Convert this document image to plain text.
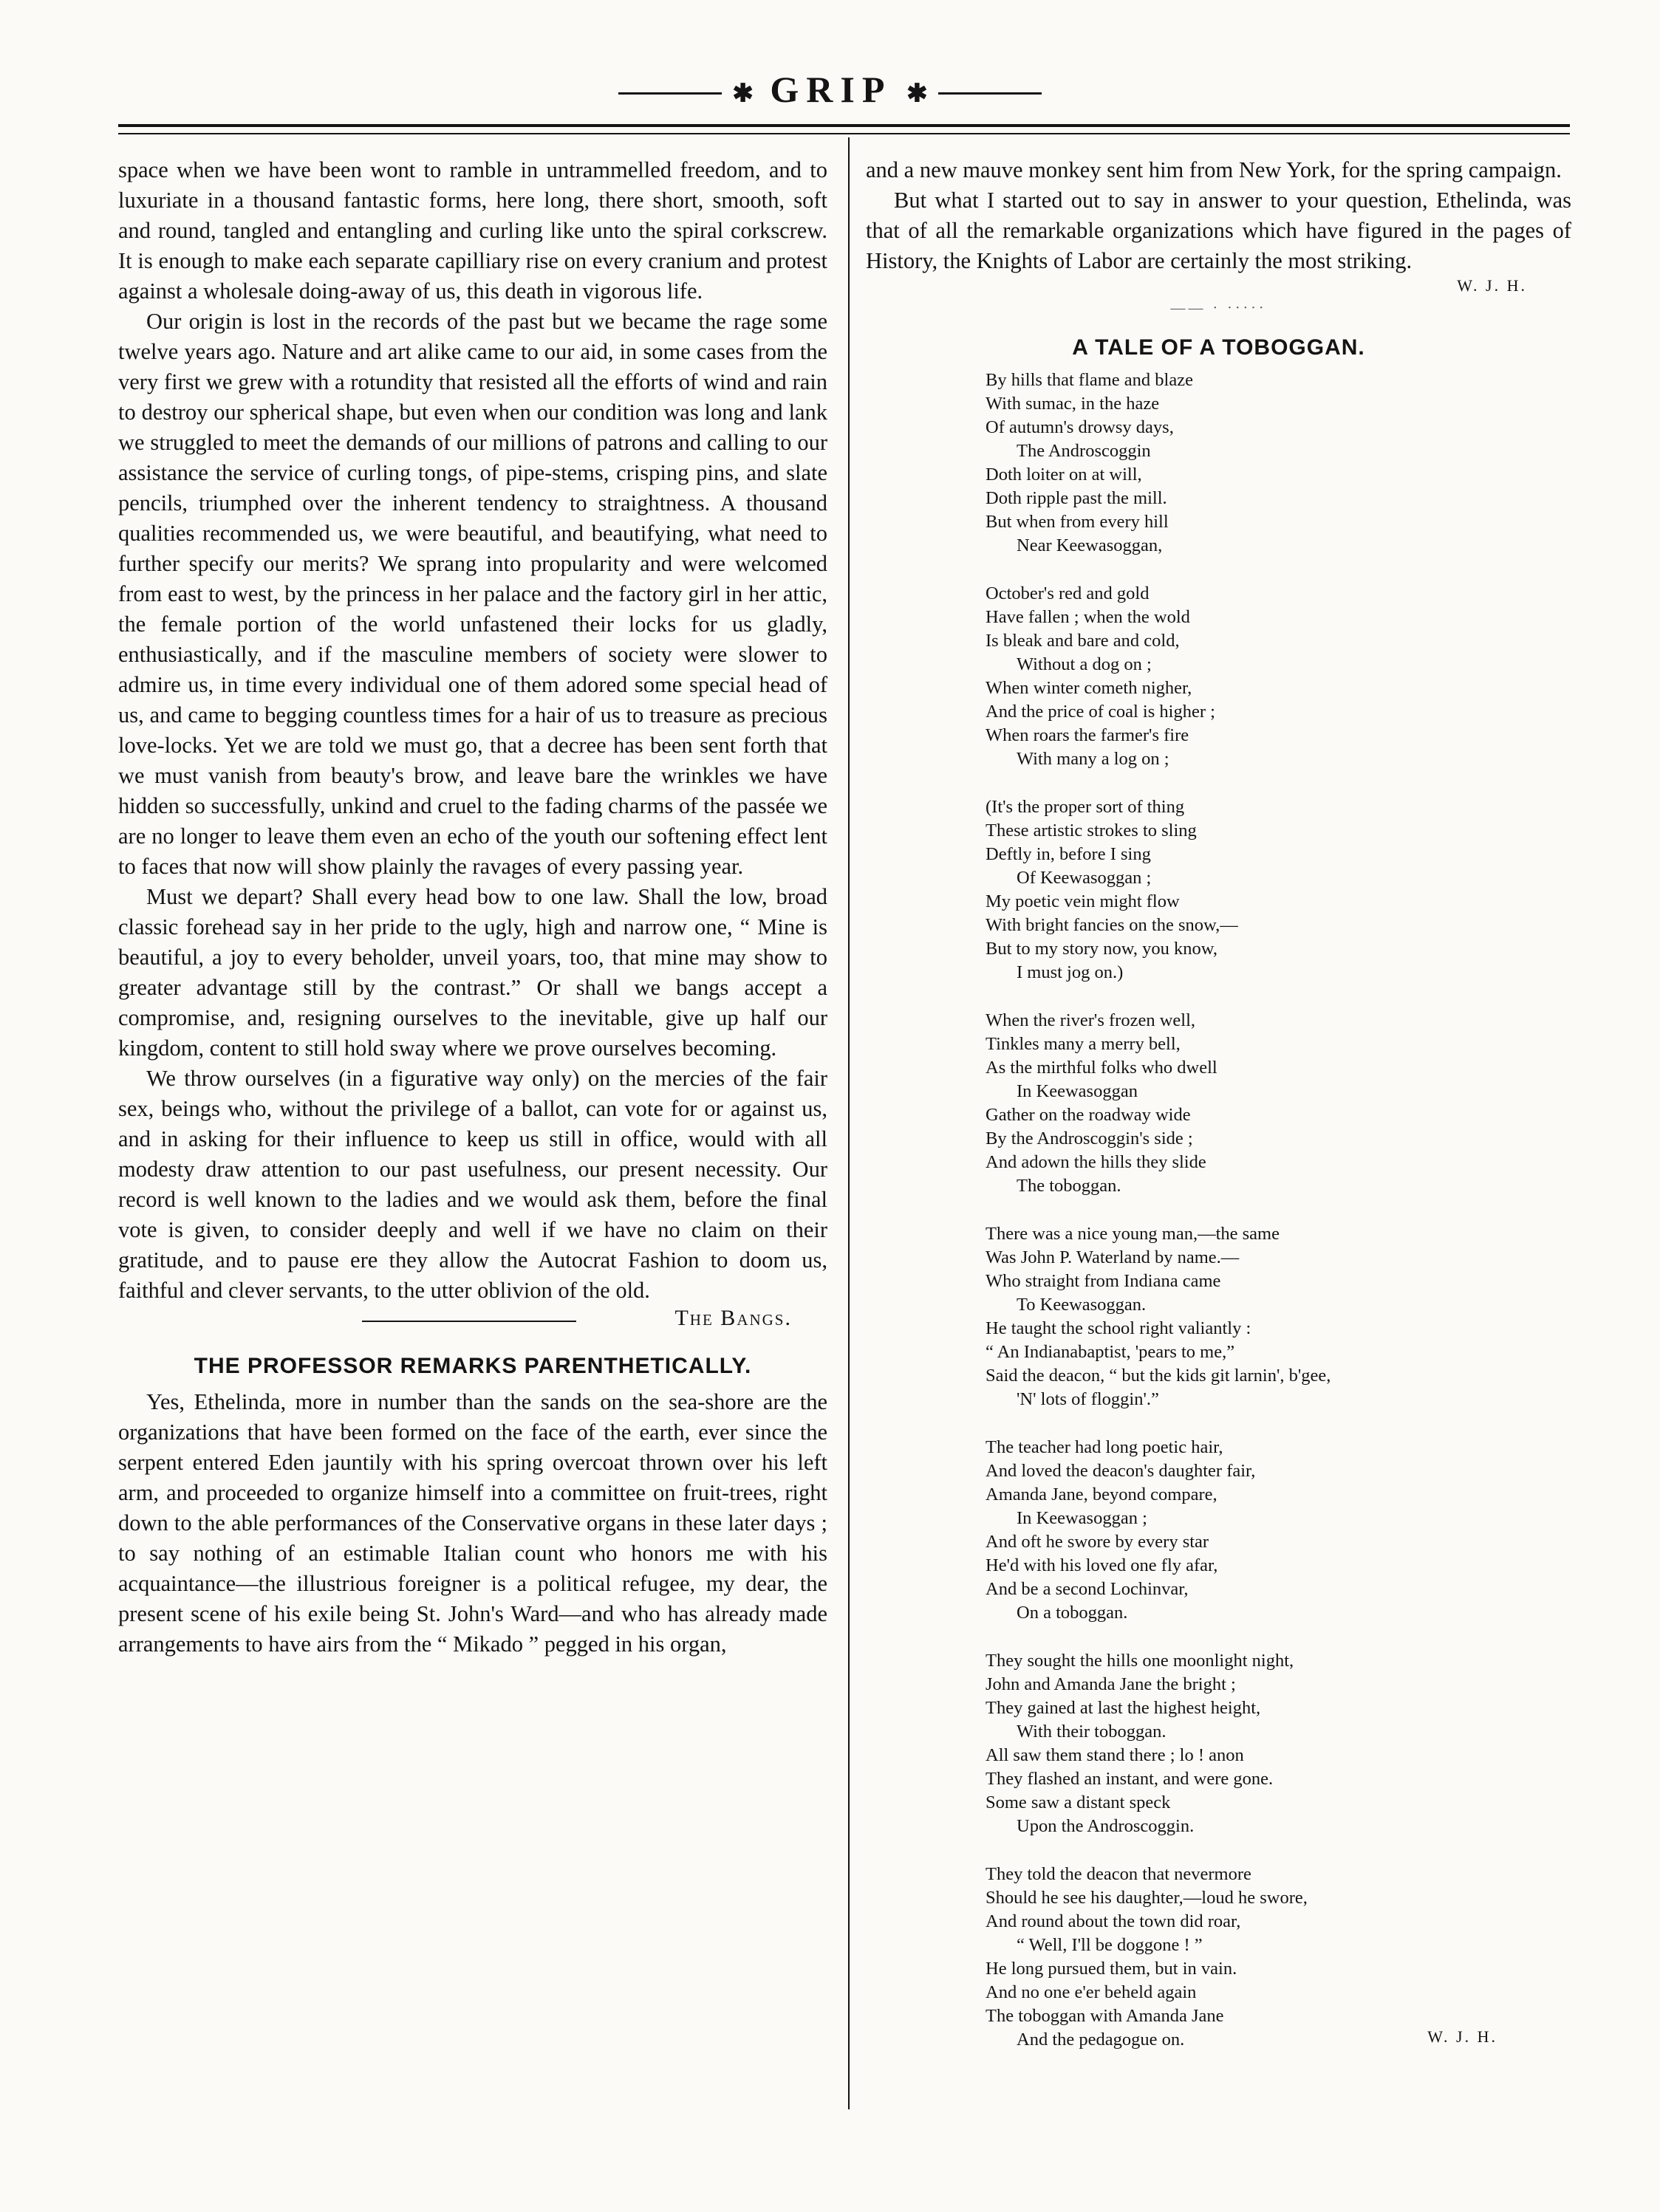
✱ GRIP ✱

space when we have been wont to ramble in untrammelled freedom, and to luxuriate in a thousand fantastic forms, here long, there short, smooth, soft and round, tangled and entangling and curling like unto the spiral corkscrew. It is enough to make each separate capilliary rise on every cranium and protest against a wholesale doing-away of us, this death in vigorous life.

Our origin is lost in the records of the past but we became the rage some twelve years ago. Nature and art alike came to our aid, in some cases from the very first we grew with a rotundity that resisted all the efforts of wind and rain to destroy our spherical shape, but even when our condition was long and lank we struggled to meet the demands of our millions of patrons and calling to our assistance the service of curling tongs, of pipe-stems, crisping pins, and slate pencils, triumphed over the inherent tendency to straightness. A thousand qualities recommended us, we were beautiful, and beautifying, what need to further specify our merits? We sprang into propularity and were welcomed from east to west, by the princess in her palace and the factory girl in her attic, the female portion of the world unfastened their locks for us gladly, enthusiastically, and if the masculine members of society were slower to admire us, in time every individual one of them adored some special head of us, and came to begging countless times for a hair of us to treasure as precious love-locks. Yet we are told we must go, that a decree has been sent forth that we must vanish from beauty's brow, and leave bare the wrinkles we have hidden so successfully, unkind and cruel to the fading charms of the passée we are no longer to leave them even an echo of the youth our softening effect lent to faces that now will show plainly the ravages of every passing year.

Must we depart? Shall every head bow to one law. Shall the low, broad classic forehead say in her pride to the ugly, high and narrow one, “ Mine is beautiful, a joy to every beholder, unveil yoars, too, that mine may show to greater advantage still by the contrast.” Or shall we bangs accept a compromise, and, resigning ourselves to the inevitable, give up half our kingdom, content to still hold sway where we prove ourselves becoming.

We throw ourselves (in a figurative way only) on the mercies of the fair sex, beings who, without the privilege of a ballot, can vote for or against us, and in asking for their influence to keep us still in office, would with all modesty draw attention to our past usefulness, our present necessity. Our record is well known to the ladies and we would ask them, before the final vote is given, to consider deeply and well if we have no claim on their gratitude, and to pause ere they allow the Autocrat Fashion to doom us, faithful and clever servants, to the utter oblivion of the old.

The Bangs.
THE PROFESSOR REMARKS PARENTHETICALLY.

Yes, Ethelinda, more in number than the sands on the sea-shore are the organizations that have been formed on the face of the earth, ever since the serpent entered Eden jauntily with his spring overcoat thrown over his left arm, and proceeded to organize himself into a committee on fruit-trees, right down to the able performances of the Conservative organs in these later days ; to say nothing of an estimable Italian count who honors me with his acquaintance—the illustrious foreigner is a political refugee, my dear, the present scene of his exile being St. John's Ward—and who has already made arrangements to have airs from the “ Mikado ” pegged in his organ,

and a new mauve monkey sent him from New York, for the spring campaign.

But what I started out to say in answer to your question, Ethelinda, was that of all the remarkable organizations which have figured in the pages of History, the Knights of Labor are certainly the most striking.

W. J. H.

—— · ·····
A TALE OF A TOBOGGAN.
By hills that flame and blaze
With sumac, in the haze
Of autumn's drowsy days,
The Androscoggin
Doth loiter on at will,
Doth ripple past the mill.
But when from every hill
Near Keewasoggan,
October's red and gold
Have fallen ; when the wold
Is bleak and bare and cold,
Without a dog on ;
When winter cometh nigher,
And the price of coal is higher ;
When roars the farmer's fire
With many a log on ;
(It's the proper sort of thing
These artistic strokes to sling
Deftly in, before I sing
Of Keewasoggan ;
My poetic vein might flow
With bright fancies on the snow,—
But to my story now, you know,
I must jog on.)
When the river's frozen well,
Tinkles many a merry bell,
As the mirthful folks who dwell
In Keewasoggan
Gather on the roadway wide
By the Androscoggin's side ;
And adown the hills they slide
The toboggan.
There was a nice young man,—the same
Was John P. Waterland by name.—
Who straight from Indiana came
To Keewasoggan.
He taught the school right valiantly :
“ An Indianabaptist, 'pears to me,”
Said the deacon, “ but the kids git larnin', b'gee,
'N' lots of floggin'.”
The teacher had long poetic hair,
And loved the deacon's daughter fair,
Amanda Jane, beyond compare,
In Keewasoggan ;
And oft he swore by every star
He'd with his loved one fly afar,
And be a second Lochinvar,
On a toboggan.
They sought the hills one moonlight night,
John and Amanda Jane the bright ;
They gained at last the highest height,
With their toboggan.
All saw them stand there ; lo ! anon
They flashed an instant, and were gone.
Some saw a distant speck
Upon the Androscoggin.
They told the deacon that nevermore
Should he see his daughter,—loud he swore,
And round about the town did roar,
“ Well, I'll be doggone ! ”
He long pursued them, but in vain.
And no one e'er beheld again
The toboggan with Amanda Jane
And the pedagogue on.	W. J. H.
